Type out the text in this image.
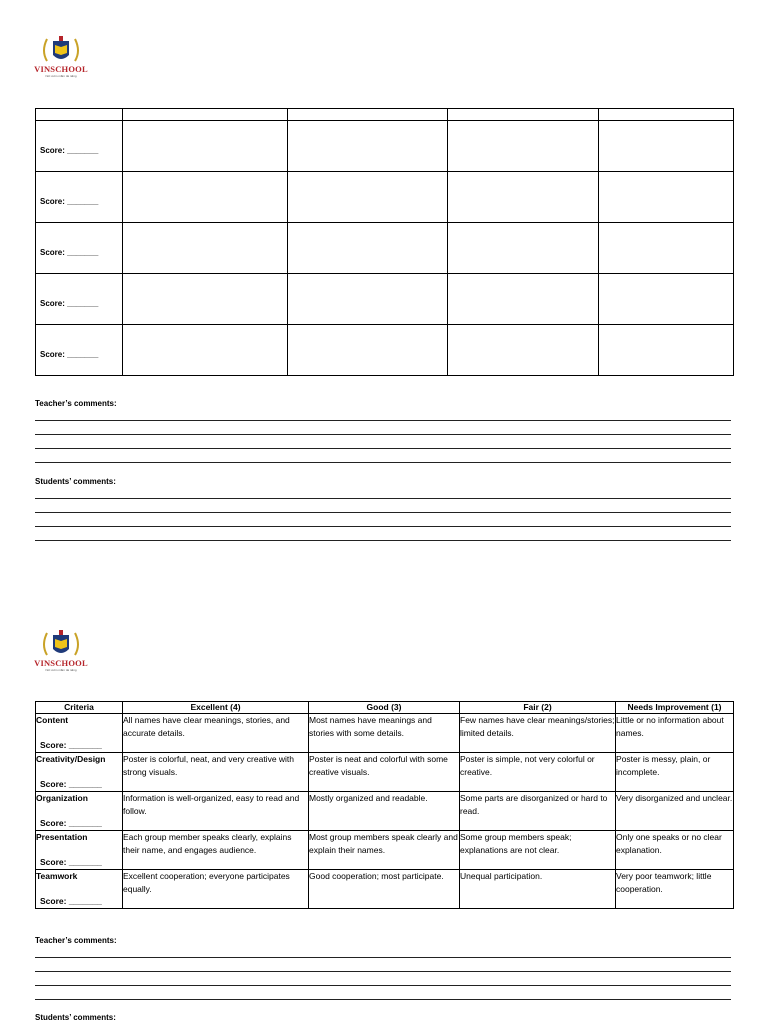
VINSCHOOL
Nơi ươm mầm tài năng

Score: _______				

Score: _______				

Score: _______				

Score: _______				

Score: _______				

Teacher’s comments:
Students’ comments:
VINSCHOOL
Nơi ươm mầm tài năng
Criteria	Excellent (4)	Good (3)	Fair (2)	Needs Improvement (1)

Content
Score: _______	All names have clear meanings, stories, and accurate details.	Most names have meanings and stories with some details.	Few names have clear meanings/stories; limited details.	Little or no information about names.

Creativity/Design
Score: _______	Poster is colorful, neat, and very creative with strong visuals.	Poster is neat and colorful with some creative visuals.	Poster is simple, not very colorful or creative.	Poster is messy, plain, or incomplete.

Organization
Score: _______	Information is well-organized, easy to read and follow.	Mostly organized and readable.	Some parts are disorganized or hard to read.	Very disorganized and unclear.

Presentation
Score: _______	Each group member speaks clearly, explains their name, and engages audience.	Most group members speak clearly and explain their names.	Some group members speak; explanations are not clear.	Only one speaks or no clear explanation.

Teamwork
Score: _______	Excellent cooperation; everyone participates equally.	Good cooperation; most participate.	Unequal participation.	Very poor teamwork; little cooperation.
Teacher’s comments:
Students’ comments:
